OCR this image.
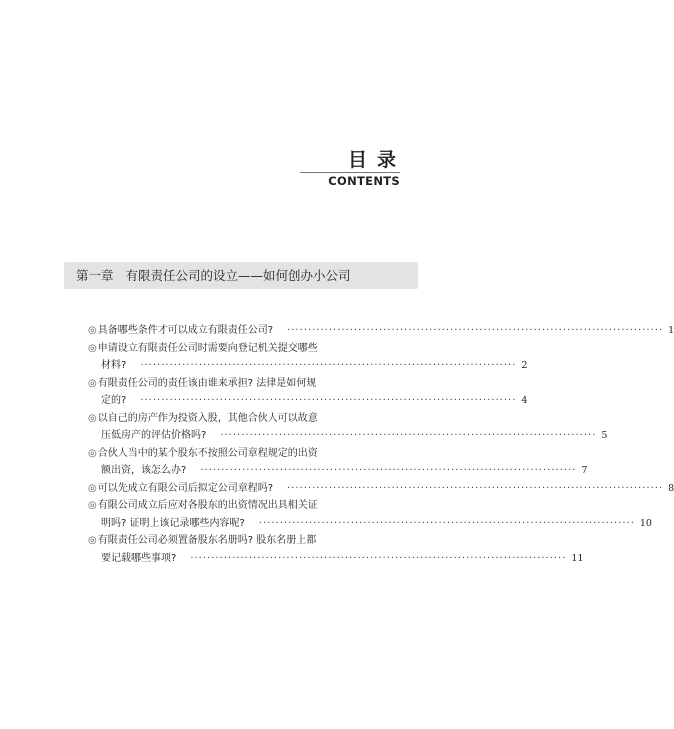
目录
CONTENTS
第一章 有限责任公司的设立——如何创办小公司
◎具备哪些条件才可以成立有限责任公司? ·························································································· 1
◎申请设立有限责任公司时需要向登记机关提交哪些
材料? ·························································································· 2
◎有限责任公司的责任该由谁来承担? 法律是如何规
定的? ·························································································· 4
◎以自己的房产作为投资入股，其他合伙人可以故意
压低房产的评估价格吗? ·························································································· 5
◎合伙人当中的某个股东不按照公司章程规定的出资
额出资，该怎么办? ·························································································· 7
◎可以先成立有限公司后拟定公司章程吗? ·························································································· 8
◎有限公司成立后应对各股东的出资情况出具相关证
明吗? 证明上该记录哪些内容呢? ·························································································· 10
◎有限责任公司必须置备股东名册吗? 股东名册上都
要记载哪些事项? ·························································································· 11
